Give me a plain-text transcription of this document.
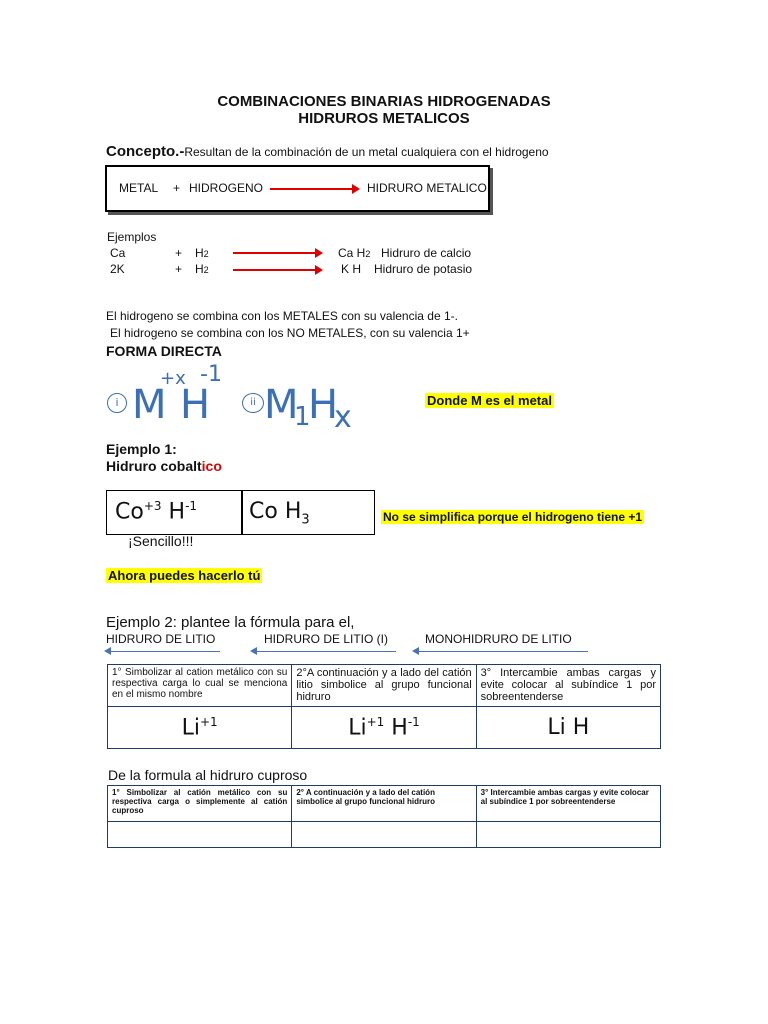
COMBINACIONES BINARIAS HIDROGENADAS
HIDRUROS METALICOS
Concepto.-Resultan de la combinación de un metal cualquiera con el hidrogeno
METAL + HIDROGENO	HIDRURO METALICO
Ejemplos
Ca	+ H2	Ca H2 Hidruro de calcio
2K	+ H2	K H Hidruro de potasio
El hidrogeno se combina con los METALES con su valencia de 1-.
El hidrogeno se combina con los NO METALES, con su valencia 1+
FORMA DIRECTA
i M
+x
H
-1
ii M
1
H
x	Donde M es el metal
Ejemplo 1:
Hidruro cobaltico
$Co^{+3}$ $H^{-1}$ Co $H_3$	No se simplifica porque el hidrogeno tiene +1
¡Sencillo!!!
Ahora puedes hacerlo tú
Ejemplo 2: plantee la fórmula para el,
HIDRURO DE LITIO	HIDRURO DE LITIO (I)	MONOHIDRURO DE LITIO
1° Simbolizar al cation metálico con su respectiva carga lo cual se menciona en el mismo nombre	2°A continuación y a lado del catión litio simbolice al grupo funcional hidruro	3° Intercambie ambas cargas y evite colocar al subíndice 1 por sobreentenderse
$Li^{+1}$	$Li^{+1}$ $H^{-1}$	Li H
De la formula al hidruro cuproso
1° Simbolizar al catión metálico con su respectiva carga o simplemente al catión cuproso	2° A continuación y a lado del catión simbolice al grupo funcional hidruro	3° Intercambie ambas cargas y evite colocar al subíndice 1 por sobreentenderse
